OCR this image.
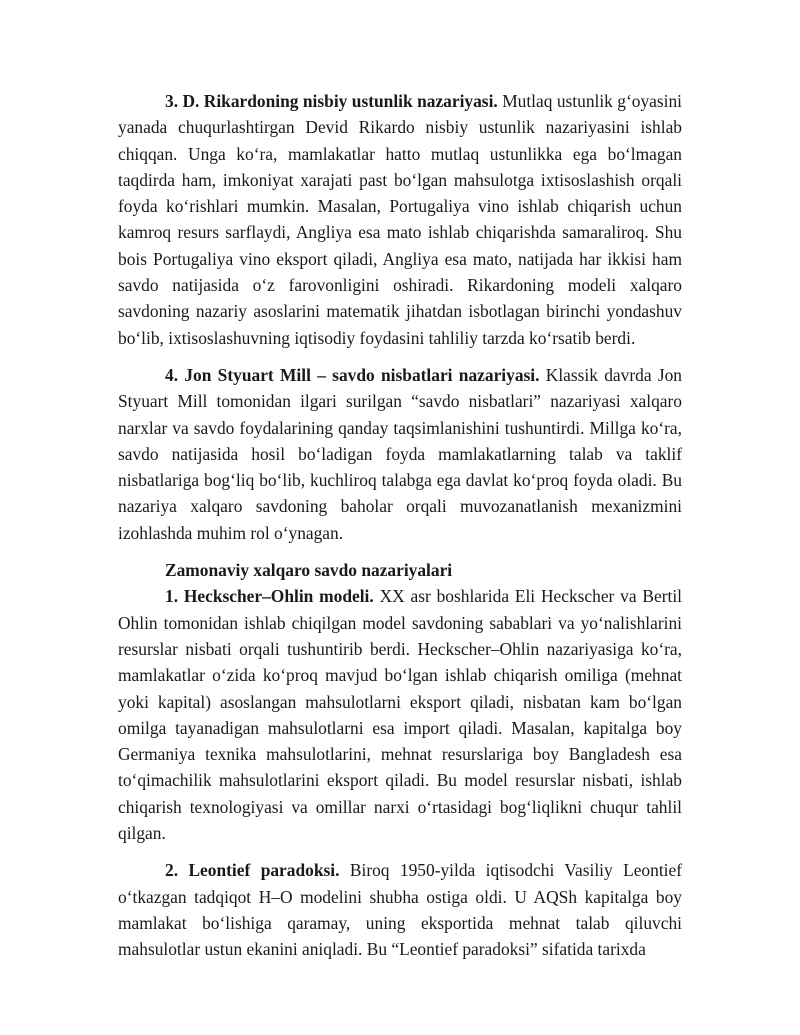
3. D. Rikardoning nisbiy ustunlik nazariyasi. Mutlaq ustunlik g‘oyasini yanada chuqurlashtirgan Devid Rikardo nisbiy ustunlik nazariyasini ishlab chiqqan. Unga ko‘ra, mamlakatlar hatto mutlaq ustunlikka ega bo‘lmagan taqdirda ham, imkoniyat xarajati past bo‘lgan mahsulotga ixtisoslashish orqali foyda ko‘rishlari mumkin. Masalan, Portugaliya vino ishlab chiqarish uchun kamroq resurs sarflaydi, Angliya esa mato ishlab chiqarishda samaraliroq. Shu bois Portugaliya vino eksport qiladi, Angliya esa mato, natijada har ikkisi ham savdo natijasida o‘z farovonligini oshiradi. Rikardoning modeli xalqaro savdoning nazariy asoslarini matematik jihatdan isbotlagan birinchi yondashuv bo‘lib, ixtisoslashuvning iqtisodiy foydasini tahliliy tarzda ko‘rsatib berdi.

4. Jon Styuart Mill – savdo nisbatlari nazariyasi. Klassik davrda Jon Styuart Mill tomonidan ilgari surilgan “savdo nisbatlari” nazariyasi xalqaro narxlar va savdo foydalarining qanday taqsimlanishini tushuntirdi. Millga ko‘ra, savdo natijasida hosil bo‘ladigan foyda mamlakatlarning talab va taklif nisbatlariga bog‘liq bo‘lib, kuchliroq talabga ega davlat ko‘proq foyda oladi. Bu nazariya xalqaro savdoning baholar orqali muvozanatlanish mexanizmini izohlashda muhim rol o‘ynagan.

Zamonaviy xalqaro savdo nazariyalari

1. Heckscher–Ohlin modeli. XX asr boshlarida Eli Heckscher va Bertil Ohlin tomonidan ishlab chiqilgan model savdoning sabablari va yo‘nalishlarini resurslar nisbati orqali tushuntirib berdi. Heckscher–Ohlin nazariyasiga ko‘ra, mamlakatlar o‘zida ko‘proq mavjud bo‘lgan ishlab chiqarish omiliga (mehnat yoki kapital) asoslangan mahsulotlarni eksport qiladi, nisbatan kam bo‘lgan omilga tayanadigan mahsulotlarni esa import qiladi. Masalan, kapitalga boy Germaniya texnika mahsulotlarini, mehnat resurslariga boy Bangladesh esa to‘qimachilik mahsulotlarini eksport qiladi. Bu model resurslar nisbati, ishlab chiqarish texnologiyasi va omillar narxi o‘rtasidagi bog‘liqlikni chuqur tahlil qilgan.

2. Leontief paradoksi. Biroq 1950-yilda iqtisodchi Vasiliy Leontief o‘tkazgan tadqiqot H–O modelini shubha ostiga oldi. U AQSh kapitalga boy mamlakat bo‘lishiga qaramay, uning eksportida mehnat talab qiluvchi mahsulotlar ustun ekanini aniqladi. Bu “Leontief paradoksi” sifatida tarixda
